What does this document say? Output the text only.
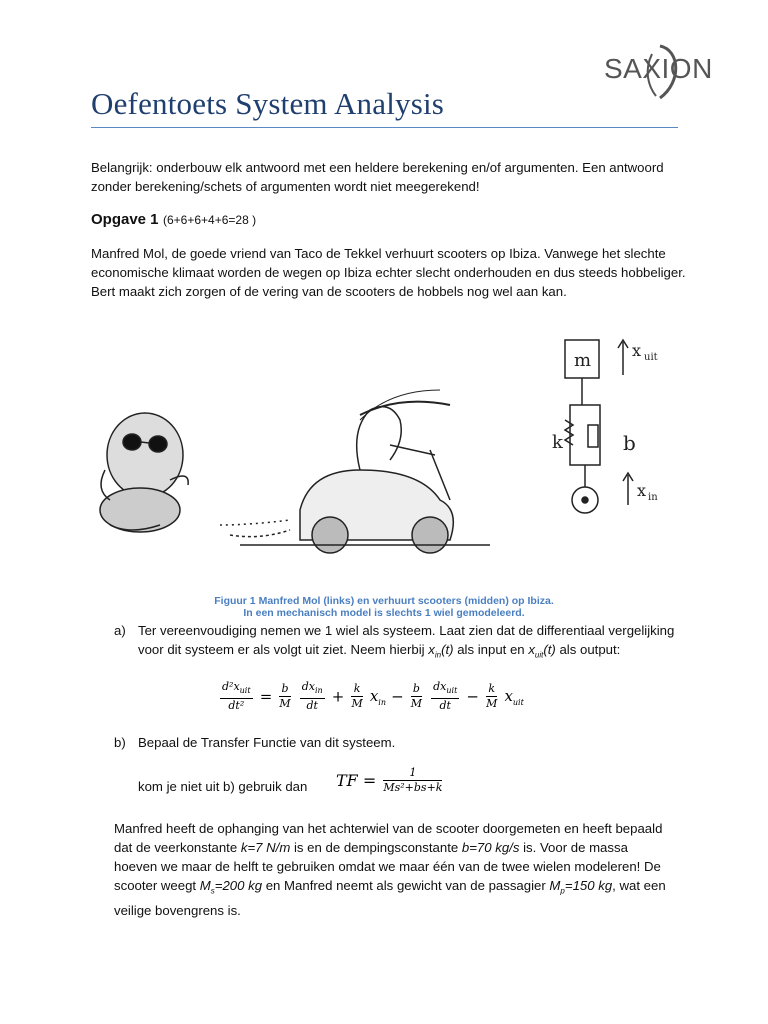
SAXION
Oefentoets System Analysis
Belangrijk: onderbouw elk antwoord met een heldere berekening en/of argumenten. Een antwoord zonder berekening/schets of argumenten wordt niet meegerekend!
Opgave 1 (6+6+6+4+6=28 )
Manfred Mol, de goede vriend van Taco de Tekkel verhuurt scooters op Ibiza. Vanwege het slechte economische klimaat worden de wegen op Ibiza echter slecht onderhouden en dus steeds hobbeliger. Bert maakt zich zorgen of de vering van de scooters de hobbels nog wel aan kan.
m	x uit
k	b
x in
Figuur 1 Manfred Mol (links) en verhuurt scooters (midden) op Ibiza.
In een mechanisch model is slechts 1 wiel gemodeleerd.
a) Ter vereenvoudiging nemen we 1 wiel als systeem. Laat zien dat de differentiaal vergelijking voor dit systeem er als volgt uit ziet. Neem hierbij $x_{in}(t)$ als input en $x_{uit}(t)$ als output:
$\frac{d^2x_{uit}}{\text{dt²}} = \frac{b}{M}$
$\frac{dx_{in}}{dt} + \frac{k}{M} x_{in} - \frac{b}{M}$
$\frac{dx_{uit}}{dt} - \frac{k}{M} x_{uit}$
b) Bepaal de Transfer Functie van dit systeem.
kom je niet uit b) gebruik dan	TF = $\frac{1}{\text{Ms²+bs+k}}$
Manfred heeft de ophanging van het achterwiel van de scooter doorgemeten en heeft bepaald dat de veerkonstante k=7 N/m is en de dempingsconstante b=70 kg/s is. Voor de massa hoeven we maar de helft te gebruiken omdat we maar één van de twee wielen modeleren! De scooter weegt $M_s=200$ kg en Manfred neemt als gewicht van de passagier $M_p=150$ kg, wat een veilige bovengrens is.
